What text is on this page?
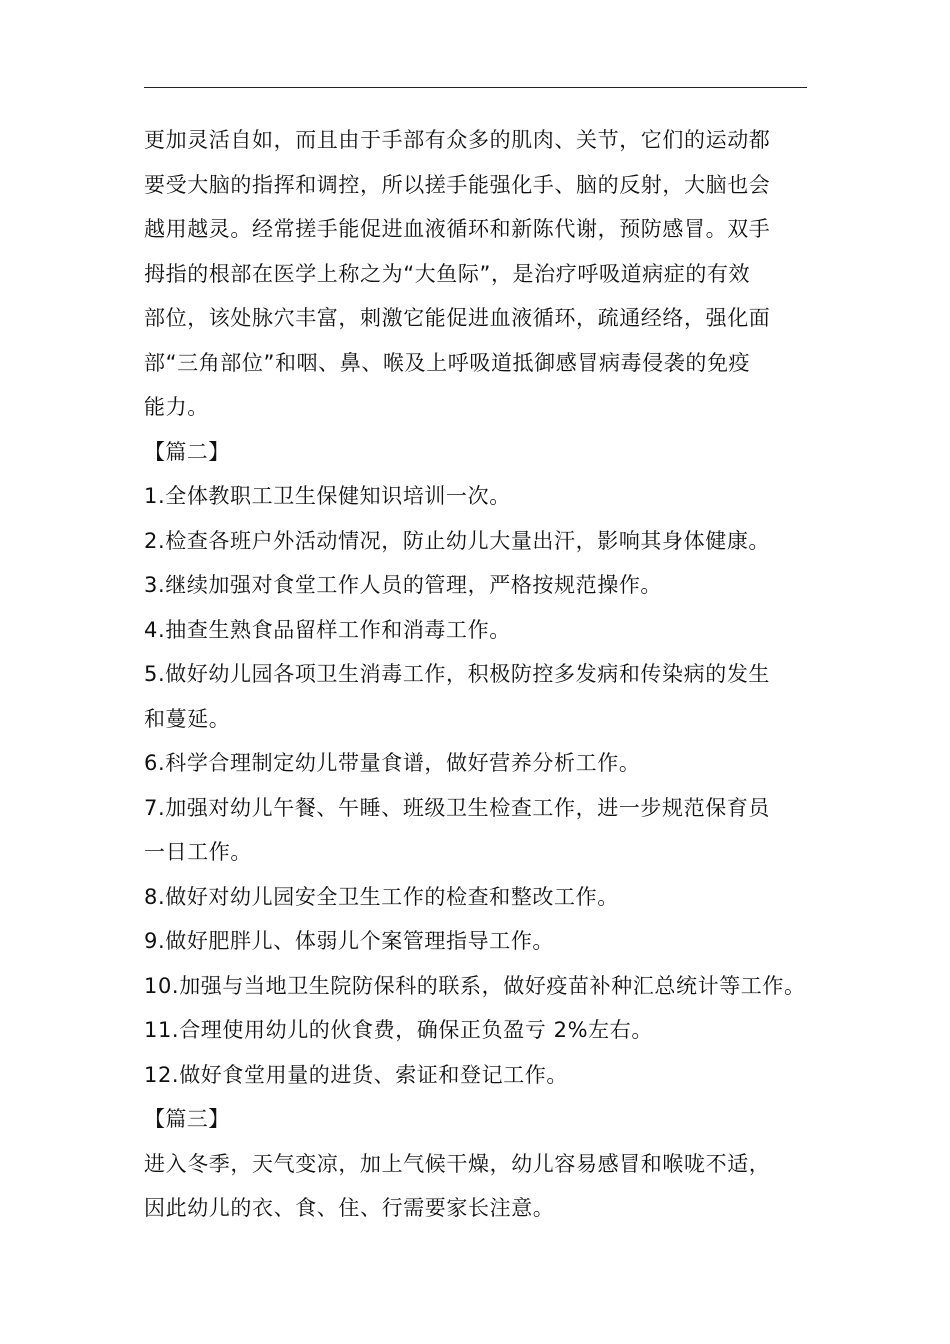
更加灵活自如，而且由于手部有众多的肌肉、关节，它们的运动都
要受大脑的指挥和调控，所以搓手能强化手、脑的反射，大脑也会
越用越灵。经常搓手能促进血液循环和新陈代谢，预防感冒。双手
拇指的根部在医学上称之为“大鱼际”，是治疗呼吸道病症的有效
部位，该处脉穴丰富，刺激它能促进血液循环，疏通经络，强化面
部“三角部位”和咽、鼻、喉及上呼吸道抵御感冒病毒侵袭的免疫
能力。
【篇二】
1.全体教职工卫生保健知识培训一次。
2.检查各班户外活动情况，防止幼儿大量出汗，影响其身体健康。
3.继续加强对食堂工作人员的管理，严格按规范操作。
4.抽查生熟食品留样工作和消毒工作。
5.做好幼儿园各项卫生消毒工作，积极防控多发病和传染病的发生
和蔓延。
6.科学合理制定幼儿带量食谱，做好营养分析工作。
7.加强对幼儿午餐、午睡、班级卫生检查工作，进一步规范保育员
一日工作。
8.做好对幼儿园安全卫生工作的检查和整改工作。
9.做好肥胖儿、体弱儿个案管理指导工作。
10.加强与当地卫生院防保科的联系，做好疫苗补种汇总统计等工作。
11.合理使用幼儿的伙食费，确保正负盈亏 2%左右。
12.做好食堂用量的进货、索证和登记工作。
【篇三】
进入冬季，天气变凉，加上气候干燥，幼儿容易感冒和喉咙不适，
因此幼儿的衣、食、住、行需要家长注意。
